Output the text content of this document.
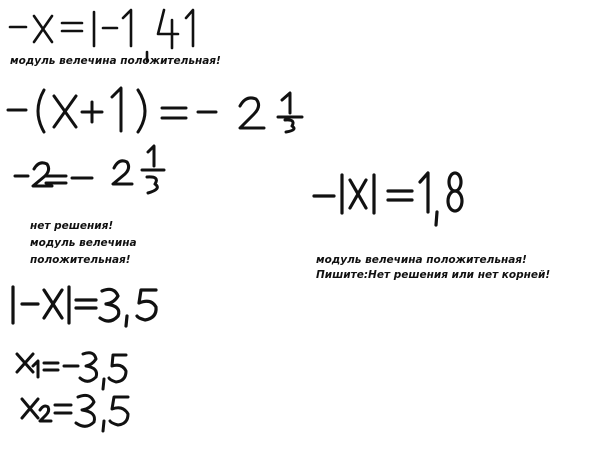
модуль велечина положительная!
нет решения!
модуль велечина
положительная!	модуль велечина положительная!
Пишите:Нет решения или нет корней!
